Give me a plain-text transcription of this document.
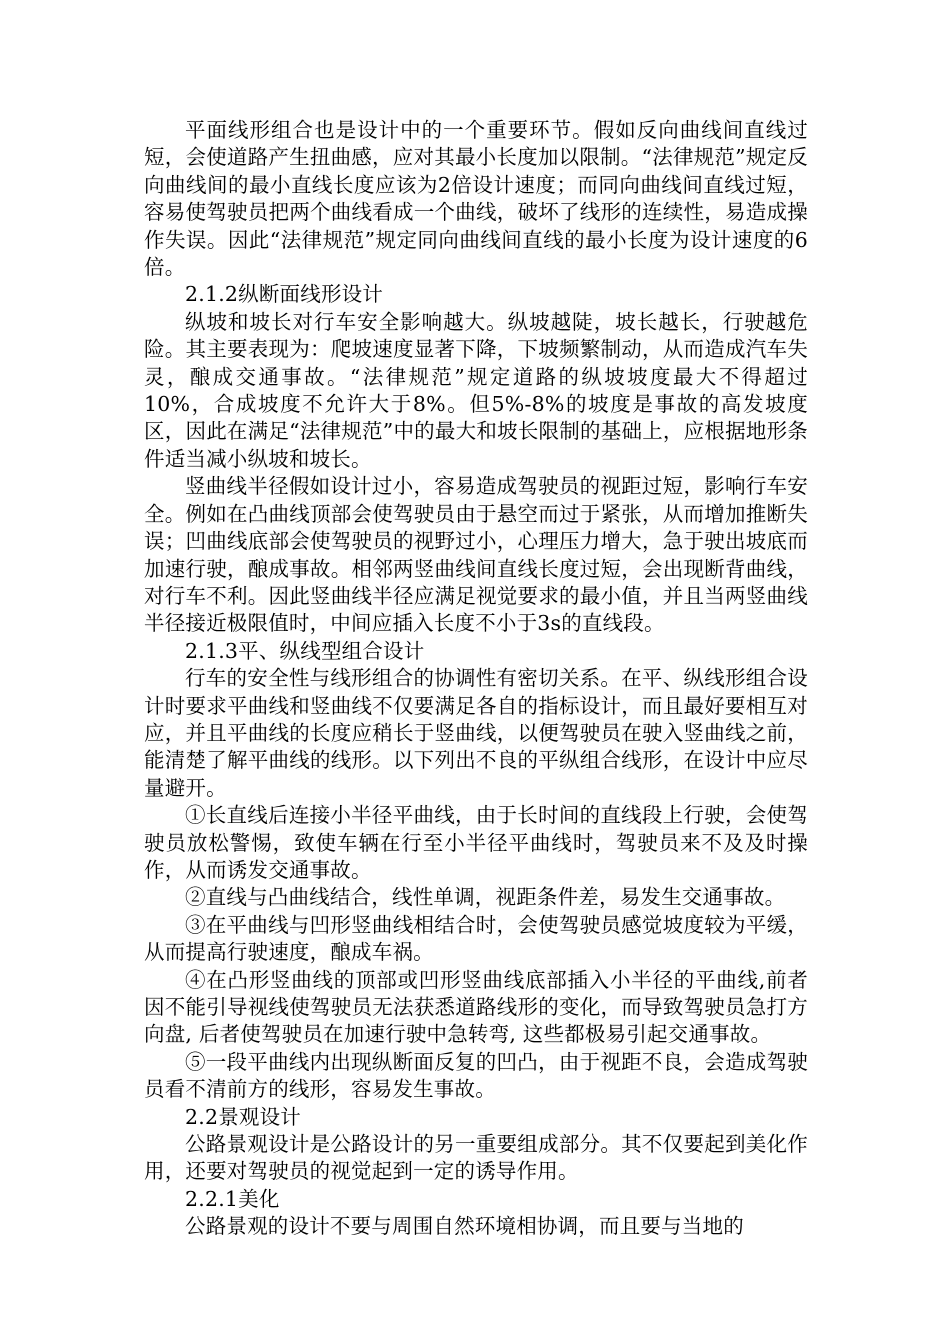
平面线形组合也是设计中的一个重要环节。假如反向曲线间直线过短，会使道路产生扭曲感，应对其最小长度加以限制。“法律规范”规定反向曲线间的最小直线长度应该为2倍设计速度；而同向曲线间直线过短，容易使驾驶员把两个曲线看成一个曲线，破坏了线形的连续性，易造成操作失误。因此“法律规范”规定同向曲线间直线的最小长度为设计速度的6倍。

2.1.2纵断面线形设计

纵坡和坡长对行车安全影响越大。纵坡越陡，坡长越长，行驶越危险。其主要表现为：爬坡速度显著下降，下坡频繁制动，从而造成汽车失灵，酿成交通事故。“法律规范”规定道路的纵坡坡度最大不得超过10%，合成坡度不允许大于8%。但5%-8%的坡度是事故的高发坡度区，因此在满足“法律规范”中的最大和坡长限制的基础上，应根据地形条件适当减小纵坡和坡长。

竖曲线半径假如设计过小，容易造成驾驶员的视距过短，影响行车安全。例如在凸曲线顶部会使驾驶员由于悬空而过于紧张，从而增加推断失误；凹曲线底部会使驾驶员的视野过小，心理压力增大，急于驶出坡底而加速行驶，酿成事故。相邻两竖曲线间直线长度过短，会出现断背曲线，对行车不利。因此竖曲线半径应满足视觉要求的最小值，并且当两竖曲线半径接近极限值时，中间应插入长度不小于3s的直线段。

2.1.3平、纵线型组合设计

行车的安全性与线形组合的协调性有密切关系。在平、纵线形组合设计时要求平曲线和竖曲线不仅要满足各自的指标设计，而且最好要相互对应，并且平曲线的长度应稍长于竖曲线，以便驾驶员在驶入竖曲线之前，能清楚了解平曲线的线形。以下列出不良的平纵组合线形，在设计中应尽量避开。

①长直线后连接小半径平曲线，由于长时间的直线段上行驶，会使驾驶员放松警惕，致使车辆在行至小半径平曲线时，驾驶员来不及及时操作，从而诱发交通事故。

②直线与凸曲线结合，线性单调，视距条件差，易发生交通事故。

③在平曲线与凹形竖曲线相结合时，会使驾驶员感觉坡度较为平缓，从而提高行驶速度，酿成车祸。

④在凸形竖曲线的顶部或凹形竖曲线底部插入小半径的平曲线,前者因不能引导视线使驾驶员无法获悉道路线形的变化，而导致驾驶员急打方向盘, 后者使驾驶员在加速行驶中急转弯, 这些都极易引起交通事故。

⑤一段平曲线内出现纵断面反复的凹凸，由于视距不良，会造成驾驶员看不清前方的线形，容易发生事故。

2.2景观设计

公路景观设计是公路设计的另一重要组成部分。其不仅要起到美化作用，还要对驾驶员的视觉起到一定的诱导作用。

2.2.1美化

公路景观的设计不要与周围自然环境相协调，而且要与当地的
